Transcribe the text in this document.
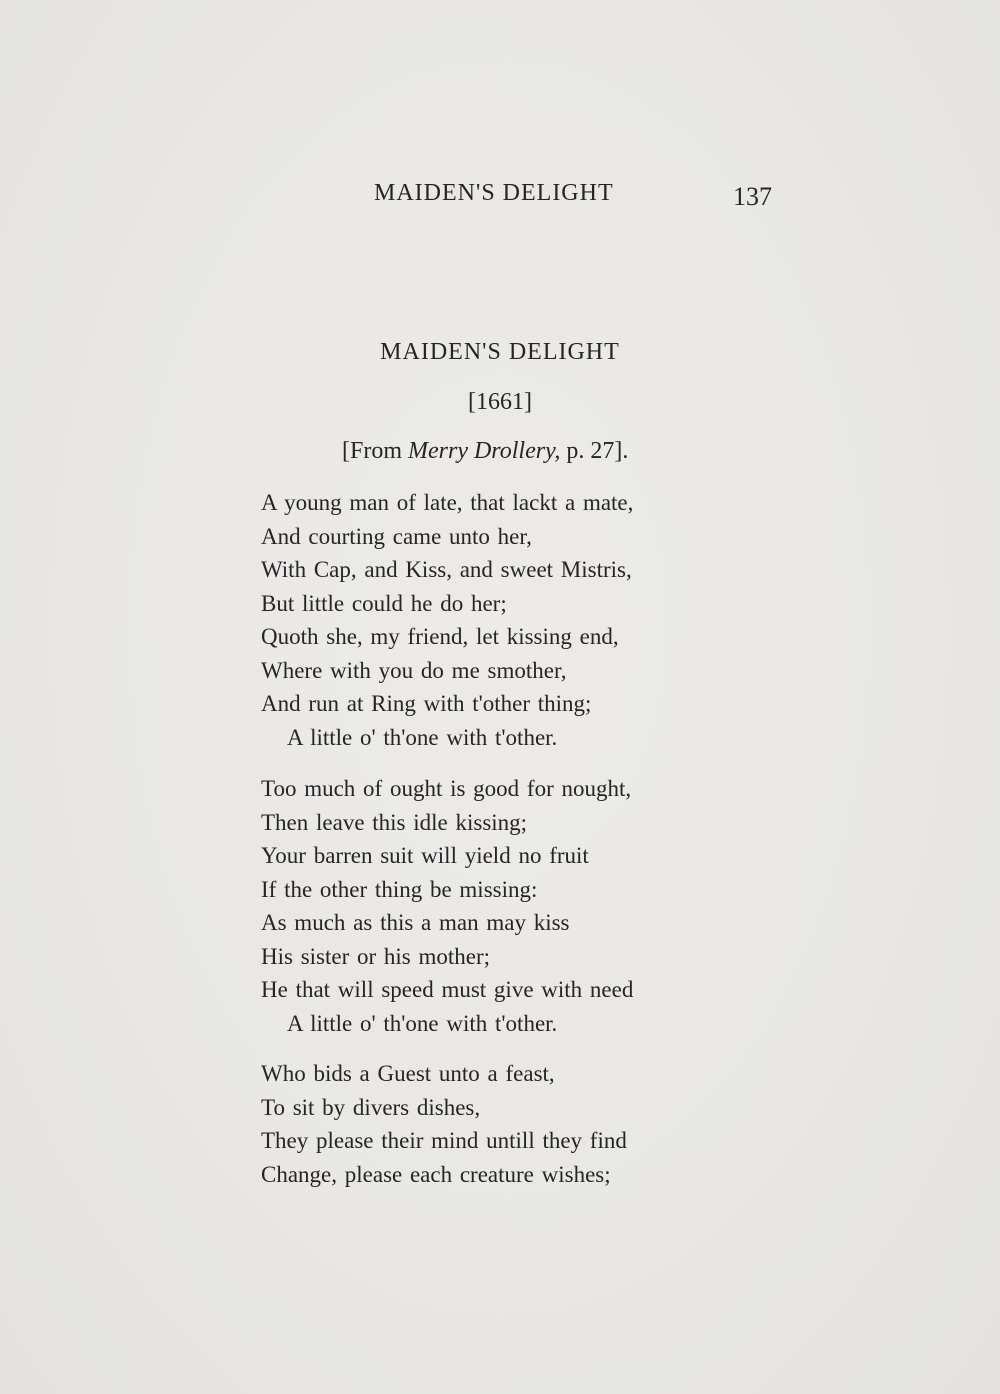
MAIDEN'S DELIGHT	137
MAIDEN'S DELIGHT
[1661]
[From Merry Drollery, p. 27].
A young man of late, that lackt a mate,
And courting came unto her,
With Cap, and Kiss, and sweet Mistris,
But little could he do her;
Quoth she, my friend, let kissing end,
Where with you do me smother,
And run at Ring with t'other thing;
A little o' th'one with t'other.
Too much of ought is good for nought,
Then leave this idle kissing;
Your barren suit will yield no fruit
If the other thing be missing:
As much as this a man may kiss
His sister or his mother;
He that will speed must give with need
A little o' th'one with t'other.
Who bids a Guest unto a feast,
To sit by divers dishes,
They please their mind untill they find
Change, please each creature wishes;
